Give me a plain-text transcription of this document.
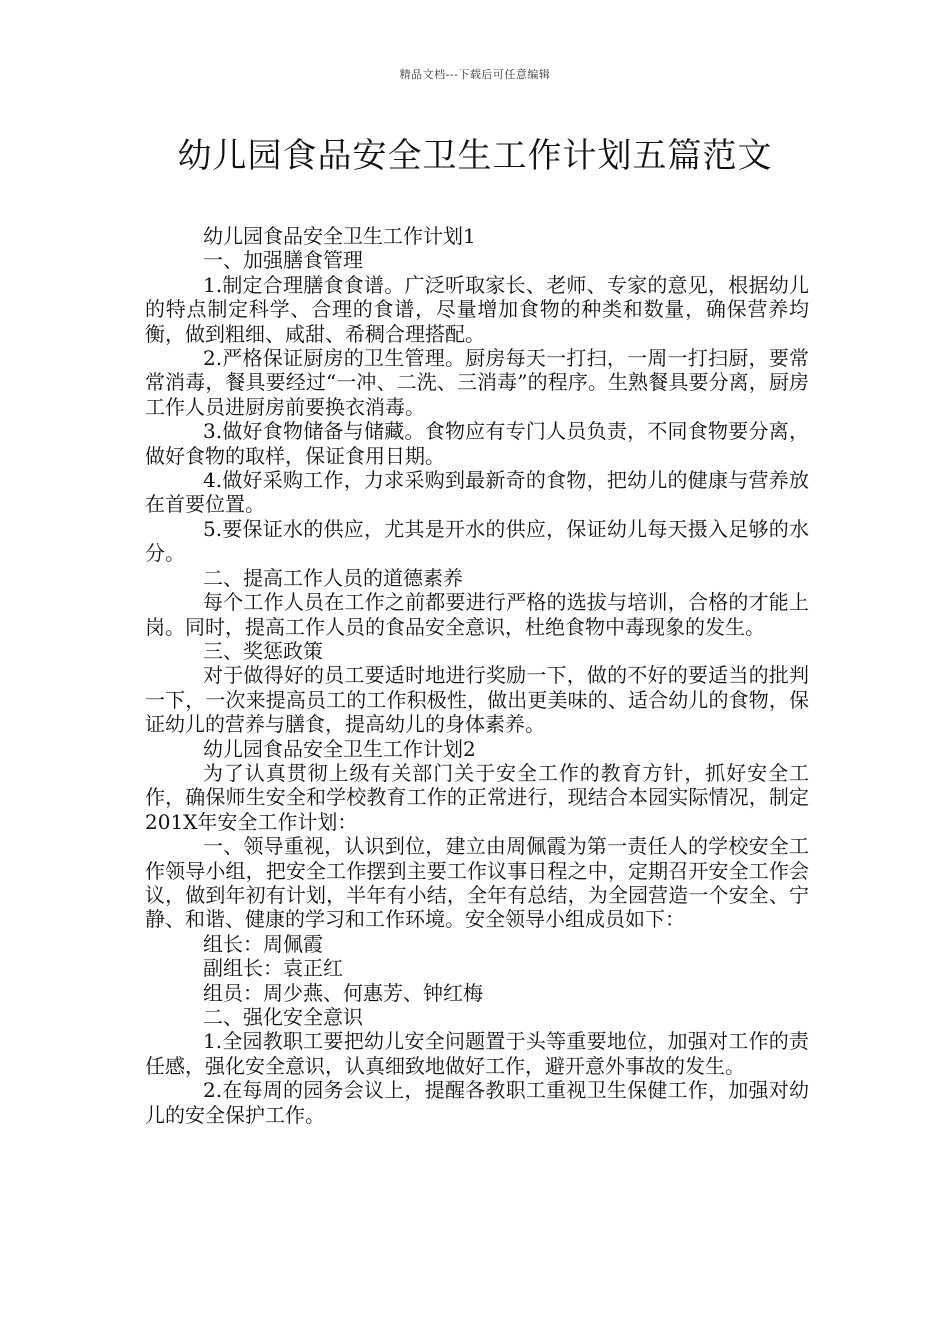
精品文档---下载后可任意编辑
幼儿园食品安全卫生工作计划五篇范文

幼儿园食品安全卫生工作计划1

一、加强膳食管理

1.制定合理膳食食谱。广泛听取家长、老师、专家的意见，根据幼儿的特点制定科学、合理的食谱，尽量增加食物的种类和数量，确保营养均衡，做到粗细、咸甜、希稠合理搭配。

2.严格保证厨房的卫生管理。厨房每天一打扫，一周一打扫厨，要常常消毒，餐具要经过“一冲、二洗、三消毒”的程序。生熟餐具要分离，厨房工作人员进厨房前要换衣消毒。

3.做好食物储备与储藏。食物应有专门人员负责，不同食物要分离，做好食物的取样，保证食用日期。

4.做好采购工作，力求采购到最新奇的食物，把幼儿的健康与营养放在首要位置。

5.要保证水的供应，尤其是开水的供应，保证幼儿每天摄入足够的水分。

二、提高工作人员的道德素养

每个工作人员在工作之前都要进行严格的选拔与培训，合格的才能上岗。同时，提高工作人员的食品安全意识，杜绝食物中毒现象的发生。

三、奖惩政策

对于做得好的员工要适时地进行奖励一下，做的不好的要适当的批判一下，一次来提高员工的工作积极性，做出更美味的、适合幼儿的食物，保证幼儿的营养与膳食，提高幼儿的身体素养。

幼儿园食品安全卫生工作计划2

为了认真贯彻上级有关部门关于安全工作的教育方针，抓好安全工作，确保师生安全和学校教育工作的正常进行，现结合本园实际情况，制定201X年安全工作计划：

一、领导重视，认识到位，建立由周佩霞为第一责任人的学校安全工作领导小组，把安全工作摆到主要工作议事日程之中，定期召开安全工作会议，做到年初有计划，半年有小结，全年有总结，为全园营造一个安全、宁静、和谐、健康的学习和工作环境。安全领导小组成员如下：

组长：周佩霞

副组长：袁正红

组员：周少燕、何惠芳、钟红梅

二、强化安全意识

1.全园教职工要把幼儿安全问题置于头等重要地位，加强对工作的责任感，强化安全意识，认真细致地做好工作，避开意外事故的发生。

2.在每周的园务会议上，提醒各教职工重视卫生保健工作，加强对幼儿的安全保护工作。
